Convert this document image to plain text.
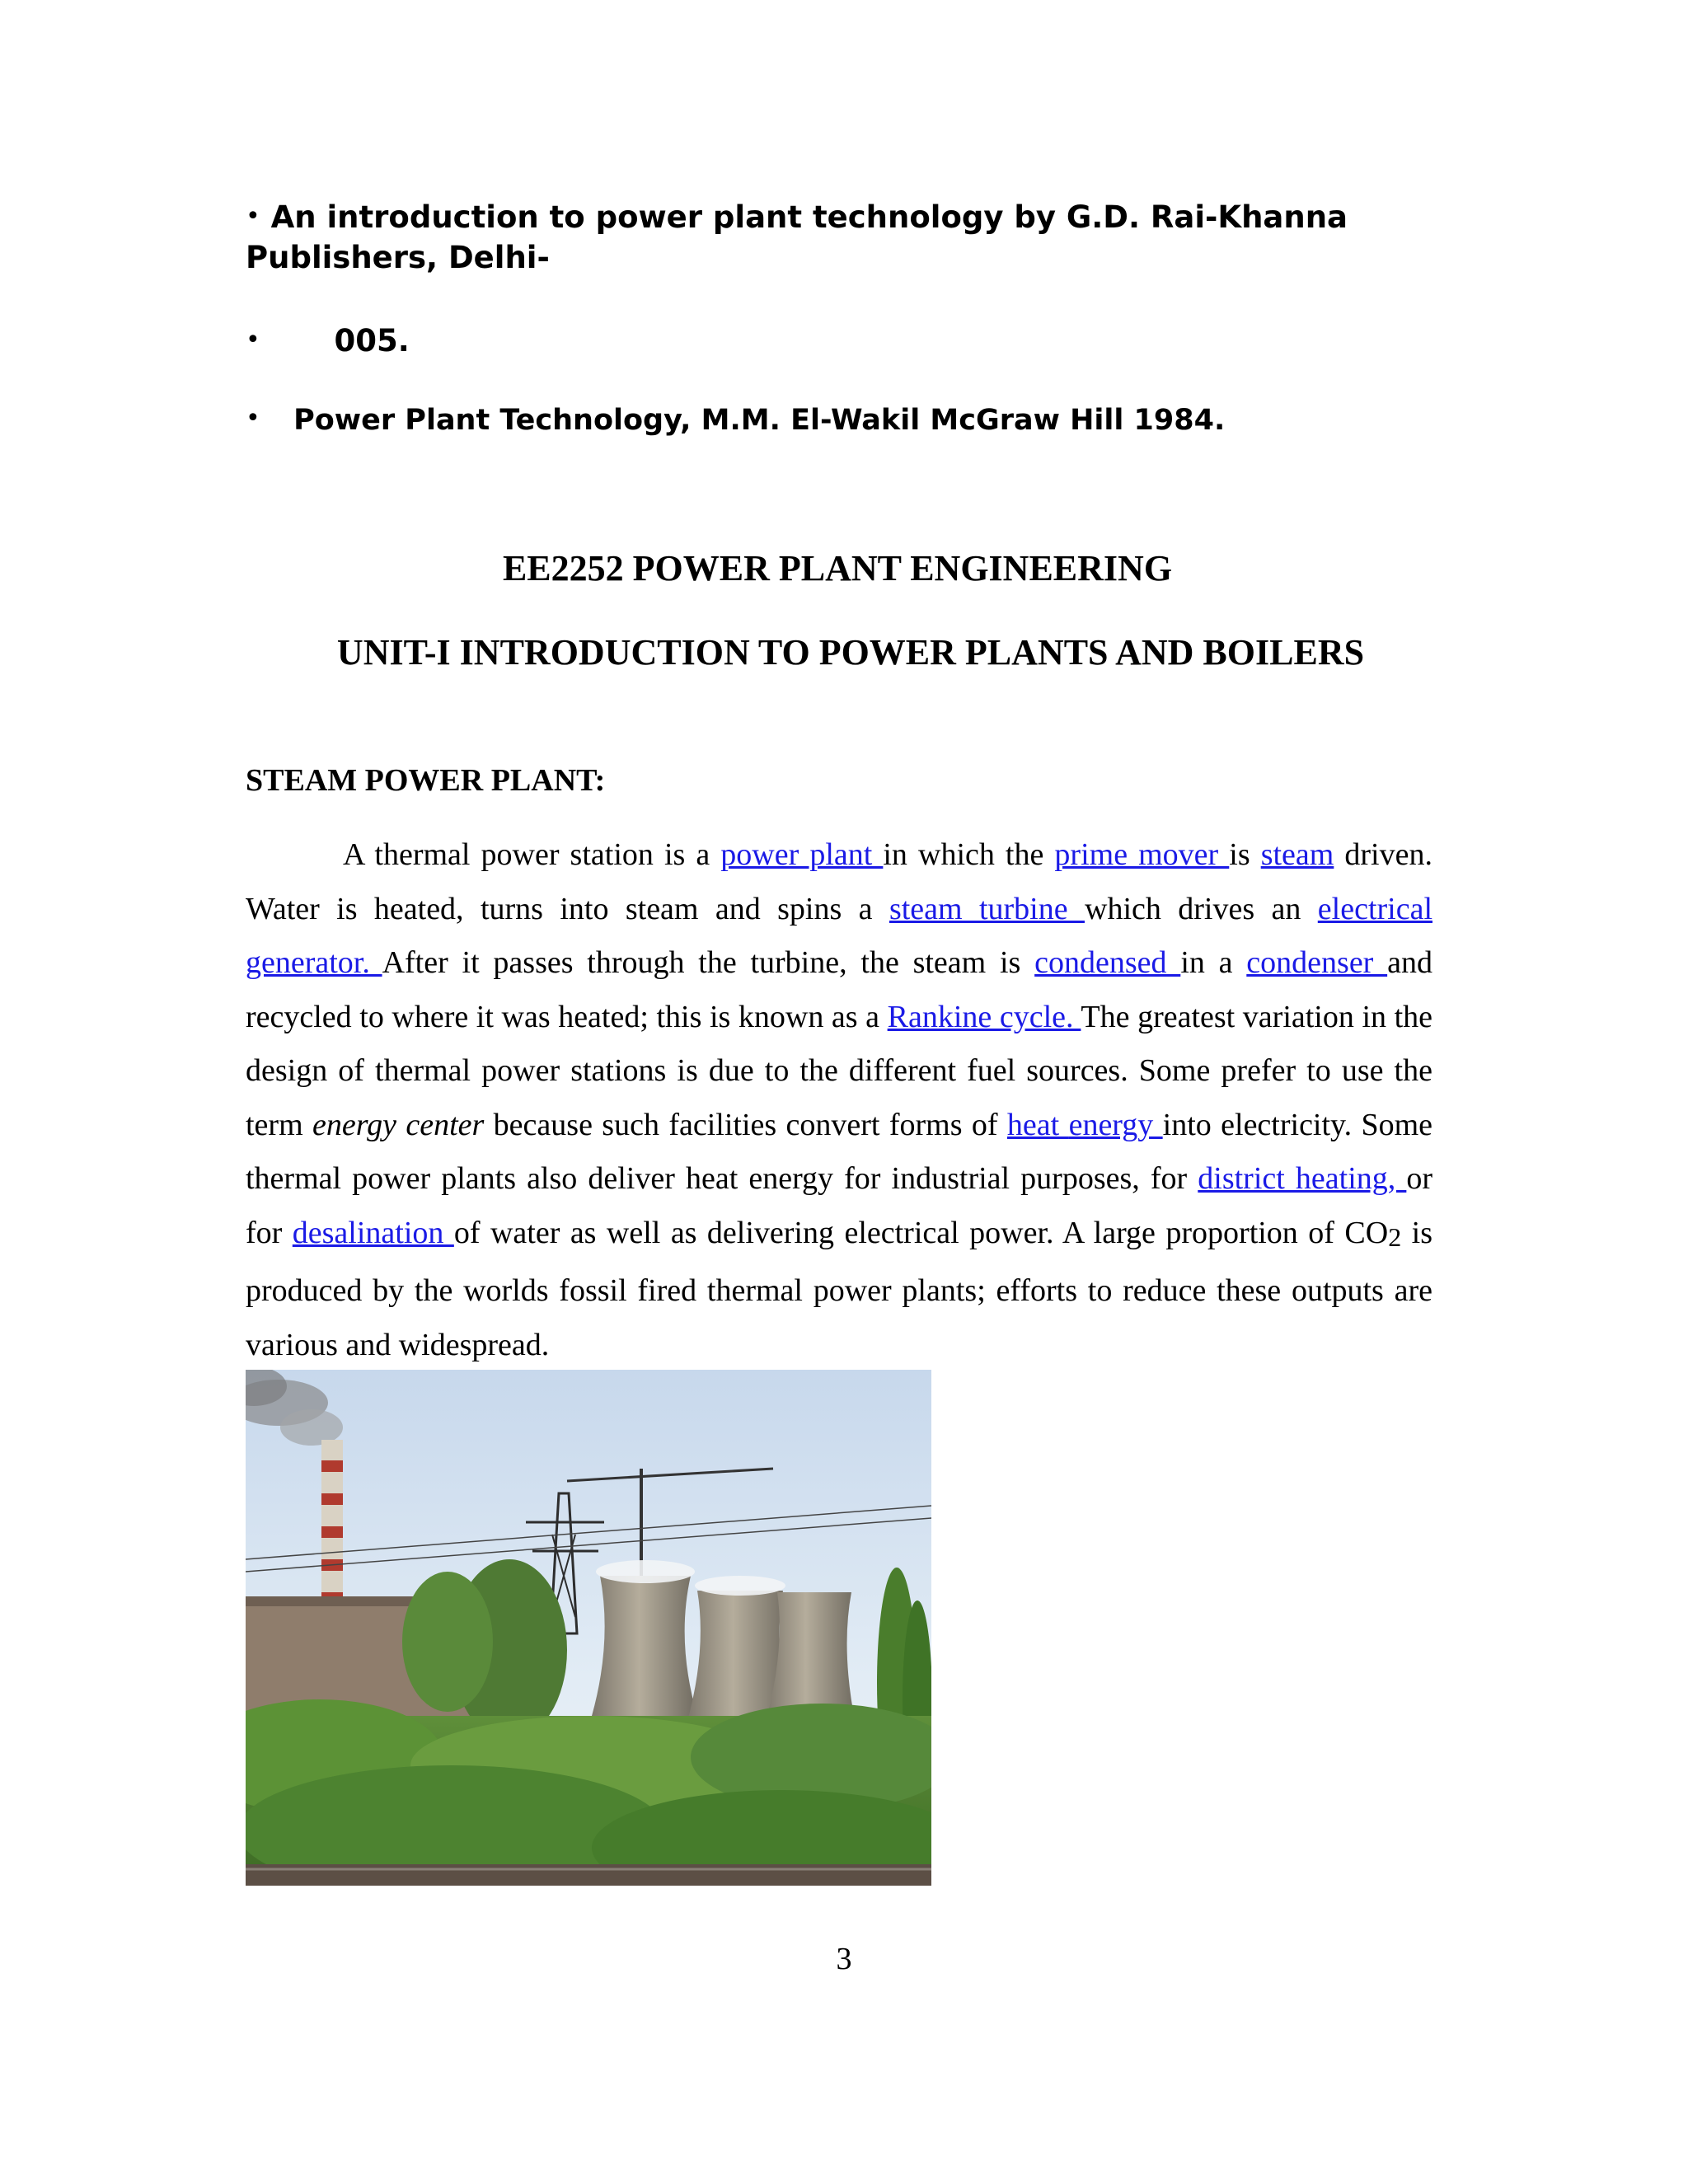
• An introduction to power plant technology by G.D. Rai-Khanna
Publishers, Delhi-
• 005.
• Power Plant Technology, M.M. El-Wakil McGraw Hill 1984.
EE2252 POWER PLANT ENGINEERING
UNIT-I INTRODUCTION TO POWER PLANTS AND BOILERS
STEAM POWER PLANT:
A thermal power station is a power plant in which the prime mover is steam driven. Water is heated, turns into steam and spins a steam turbine which drives an electrical generator. After it passes through the turbine, the steam is condensed in a condenser and recycled to where it was heated; this is known as a Rankine cycle. The greatest variation in the design of thermal power stations is due to the different fuel sources. Some prefer to use the term energy center because such facilities convert forms of heat energy into electricity. Some thermal power plants also deliver heat energy for industrial purposes, for district heating, or for desalination of water as well as delivering electrical power. A large proportion of CO2 is produced by the worlds fossil fired thermal power plants; efforts to reduce these outputs are various and widespread.
3
